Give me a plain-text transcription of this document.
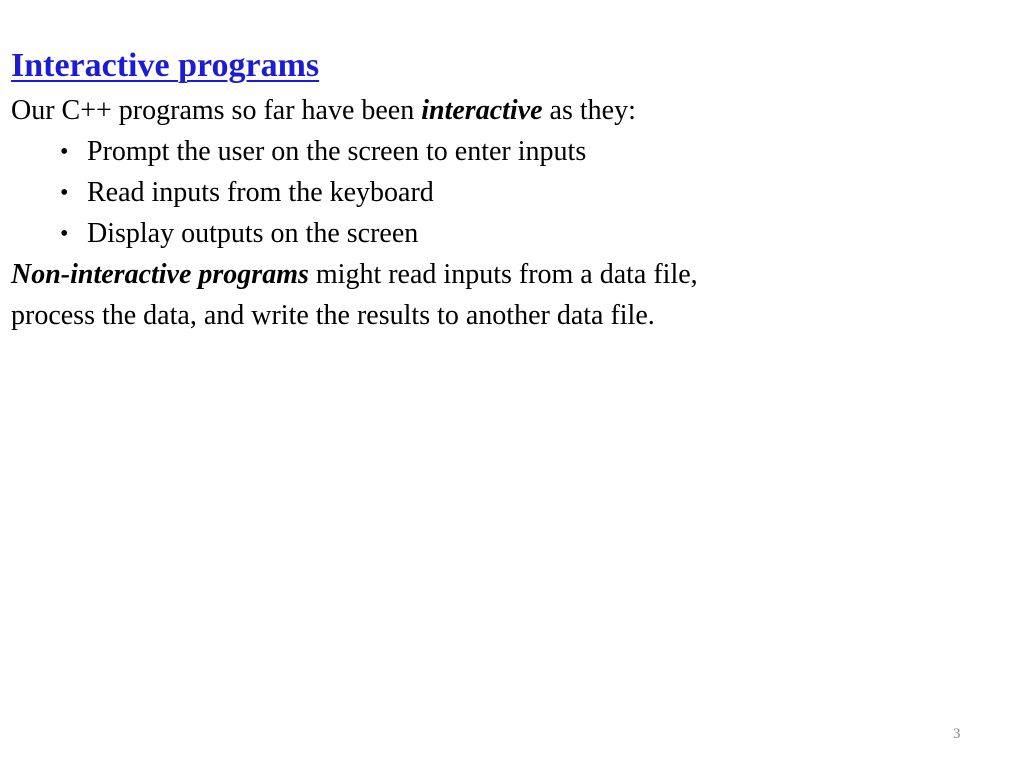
Interactive programs
Our C++ programs so far have been interactive as they:
• Prompt the user on the screen to enter inputs
• Read inputs from the keyboard
• Display outputs on the screen
Non-interactive programs might read inputs from a data file,
process the data, and write the results to another data file.
3
